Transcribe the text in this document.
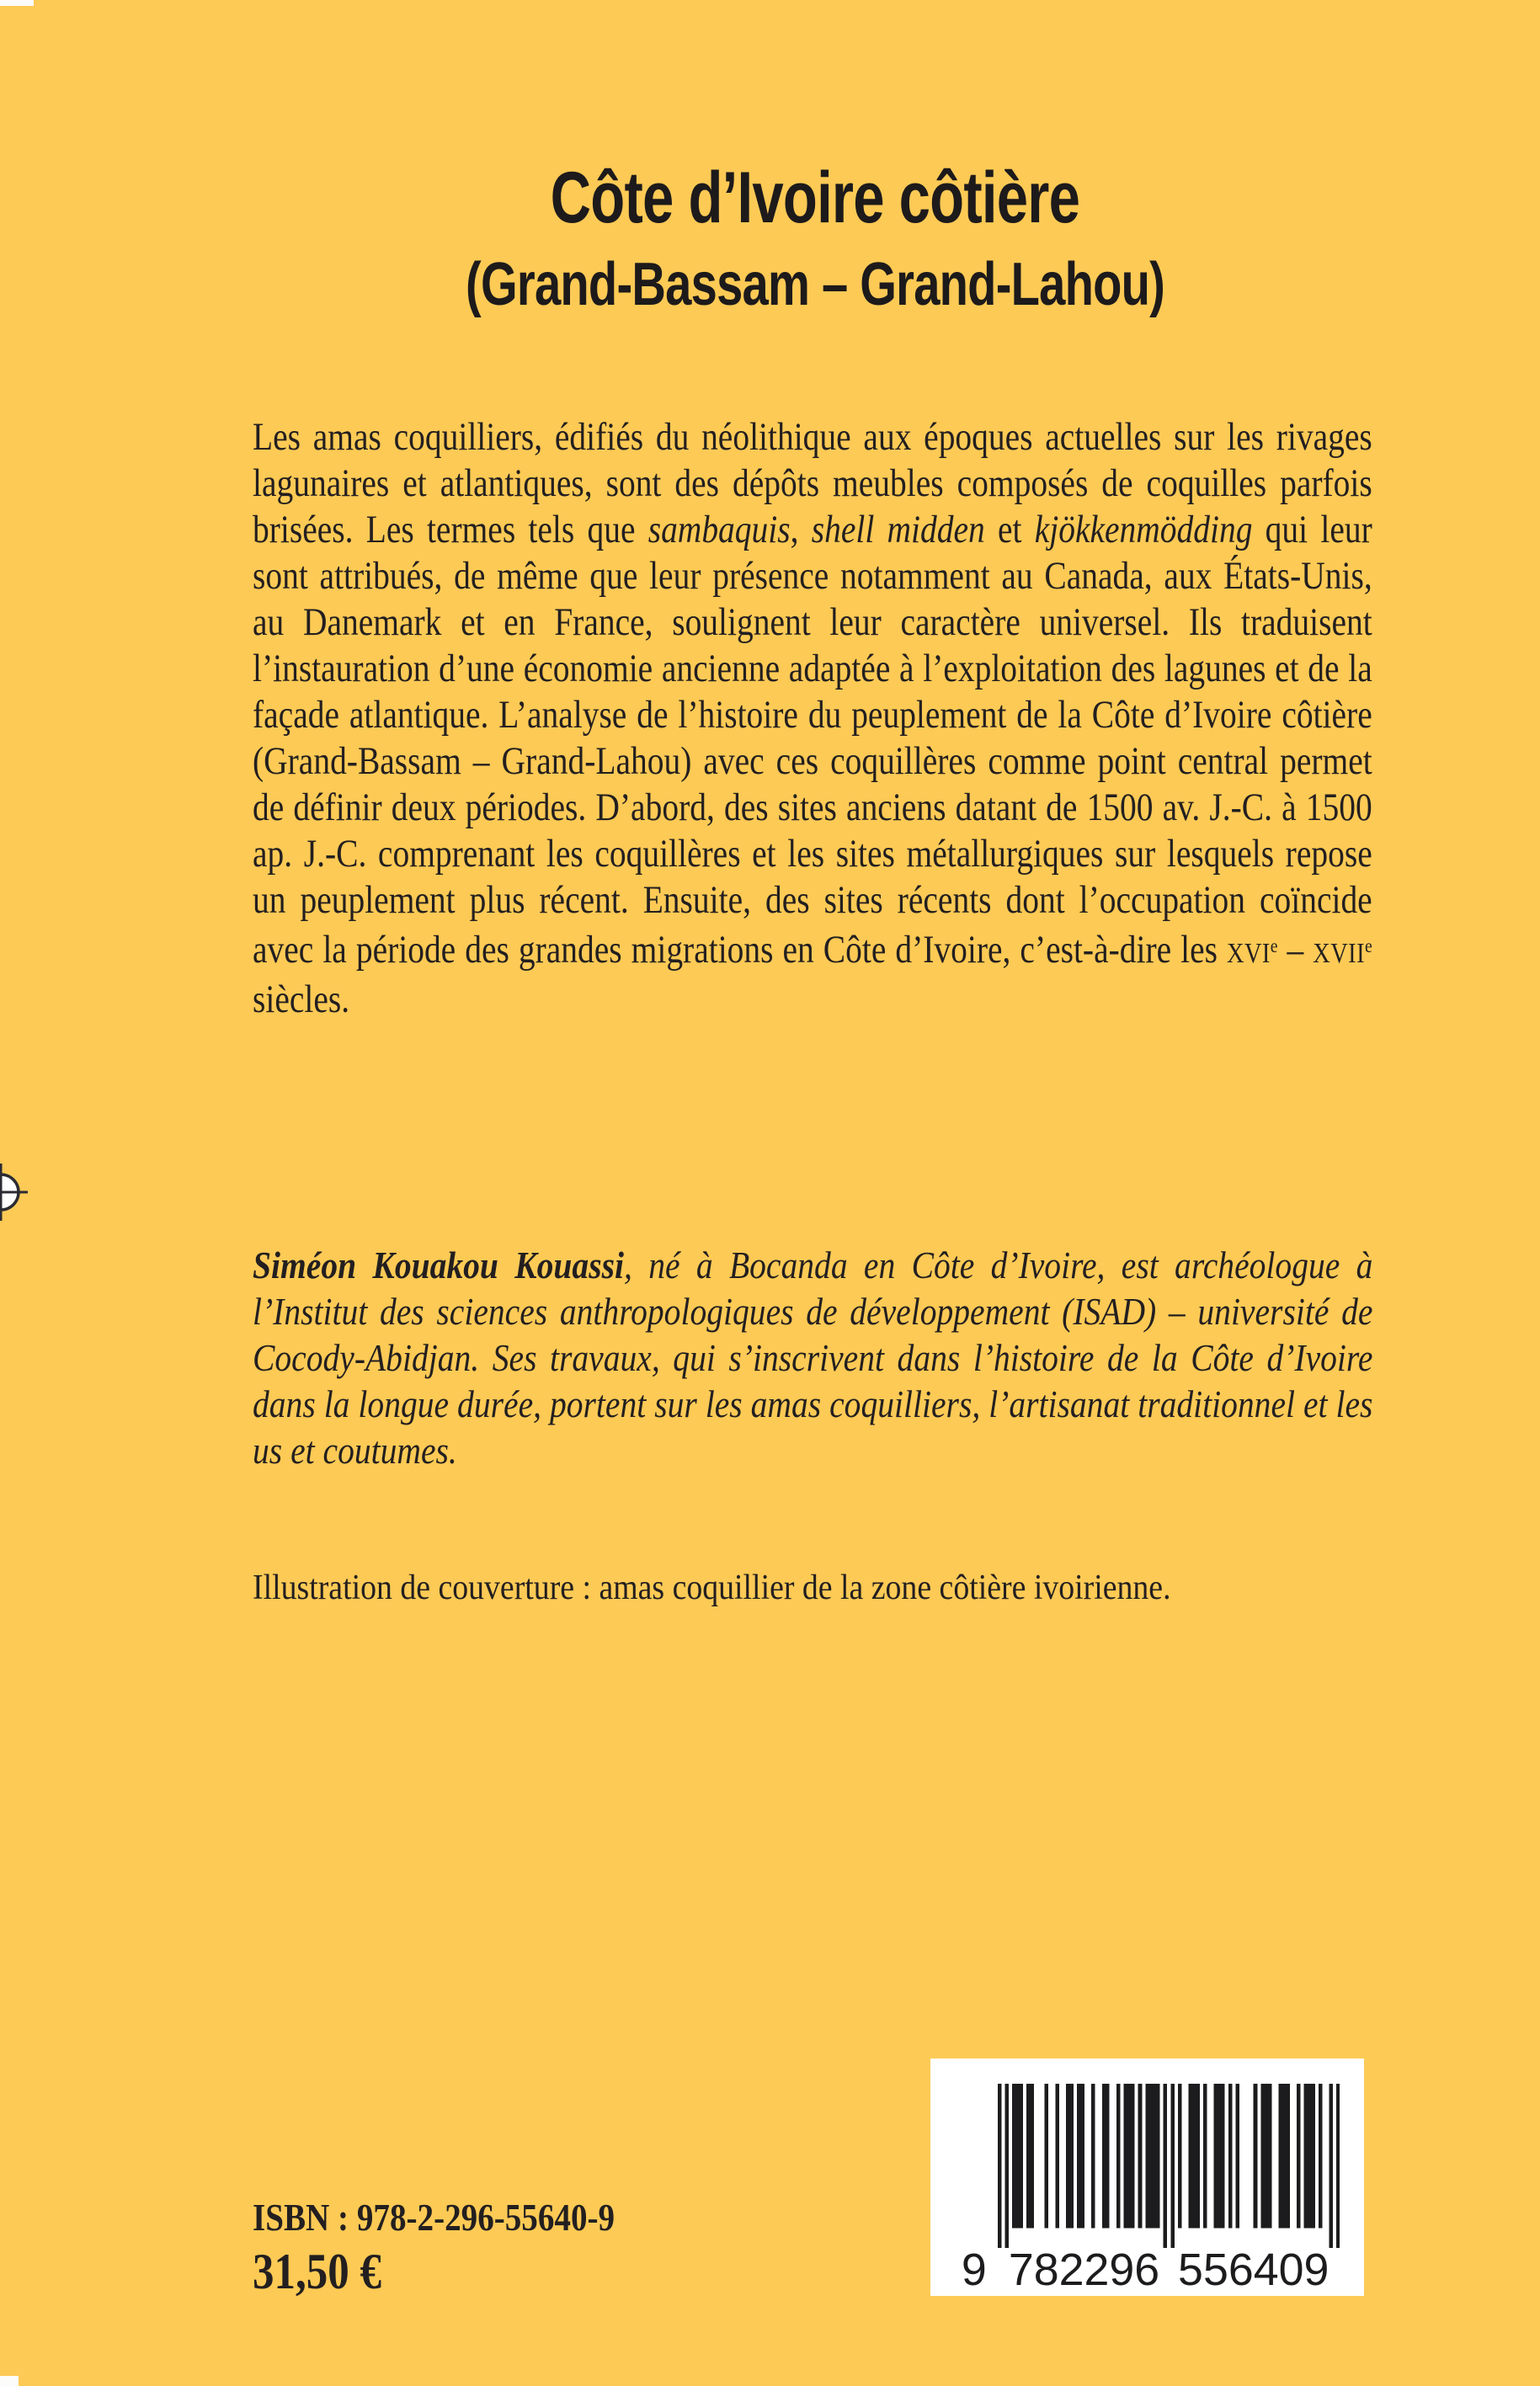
Côte d’Ivoire côtière
(Grand-Bassam – Grand-Lahou)
Les amas coquilliers, édifiés du néolithique aux époques actuelles sur les rivages lagunaires et atlantiques, sont des dépôts meubles composés de coquilles parfois brisées. Les termes tels que sambaquis, shell midden et kjökkenmödding qui leur sont attribués, de même que leur présence notamment au Canada, aux États-Unis, au Danemark et en France, soulignent leur caractère universel. Ils traduisent l’instauration d’une économie ancienne adaptée à l’exploitation des lagunes et de la façade atlantique. L’analyse de l’histoire du peuplement de la Côte d’Ivoire côtière (Grand-Bassam – Grand-Lahou) avec ces coquillères comme point central permet de définir deux périodes. D’abord, des sites anciens datant de 1500 av. J.-C. à 1500 ap. J.-C. comprenant les coquillères et les sites métallurgiques sur lesquels repose un peuplement plus récent. Ensuite, des sites récents dont l’occupation coïncide avec la période des grandes migrations en Côte d’Ivoire, c’est-à-dire les XVIe – XVIIe siècles.
Siméon Kouakou Kouassi, né à Bocanda en Côte d’Ivoire, est archéologue à l’Institut des sciences anthropologiques de développement (ISAD) – université de Cocody-Abidjan. Ses travaux, qui s’inscrivent dans l’histoire de la Côte d’Ivoire dans la longue durée, portent sur les amas coquilliers, l’artisanat traditionnel et les us et coutumes.
Illustration de couverture : amas coquillier de la zone côtière ivoirienne.
9 782296 556409
ISBN : 978-2-296-55640-9
31,50 €
